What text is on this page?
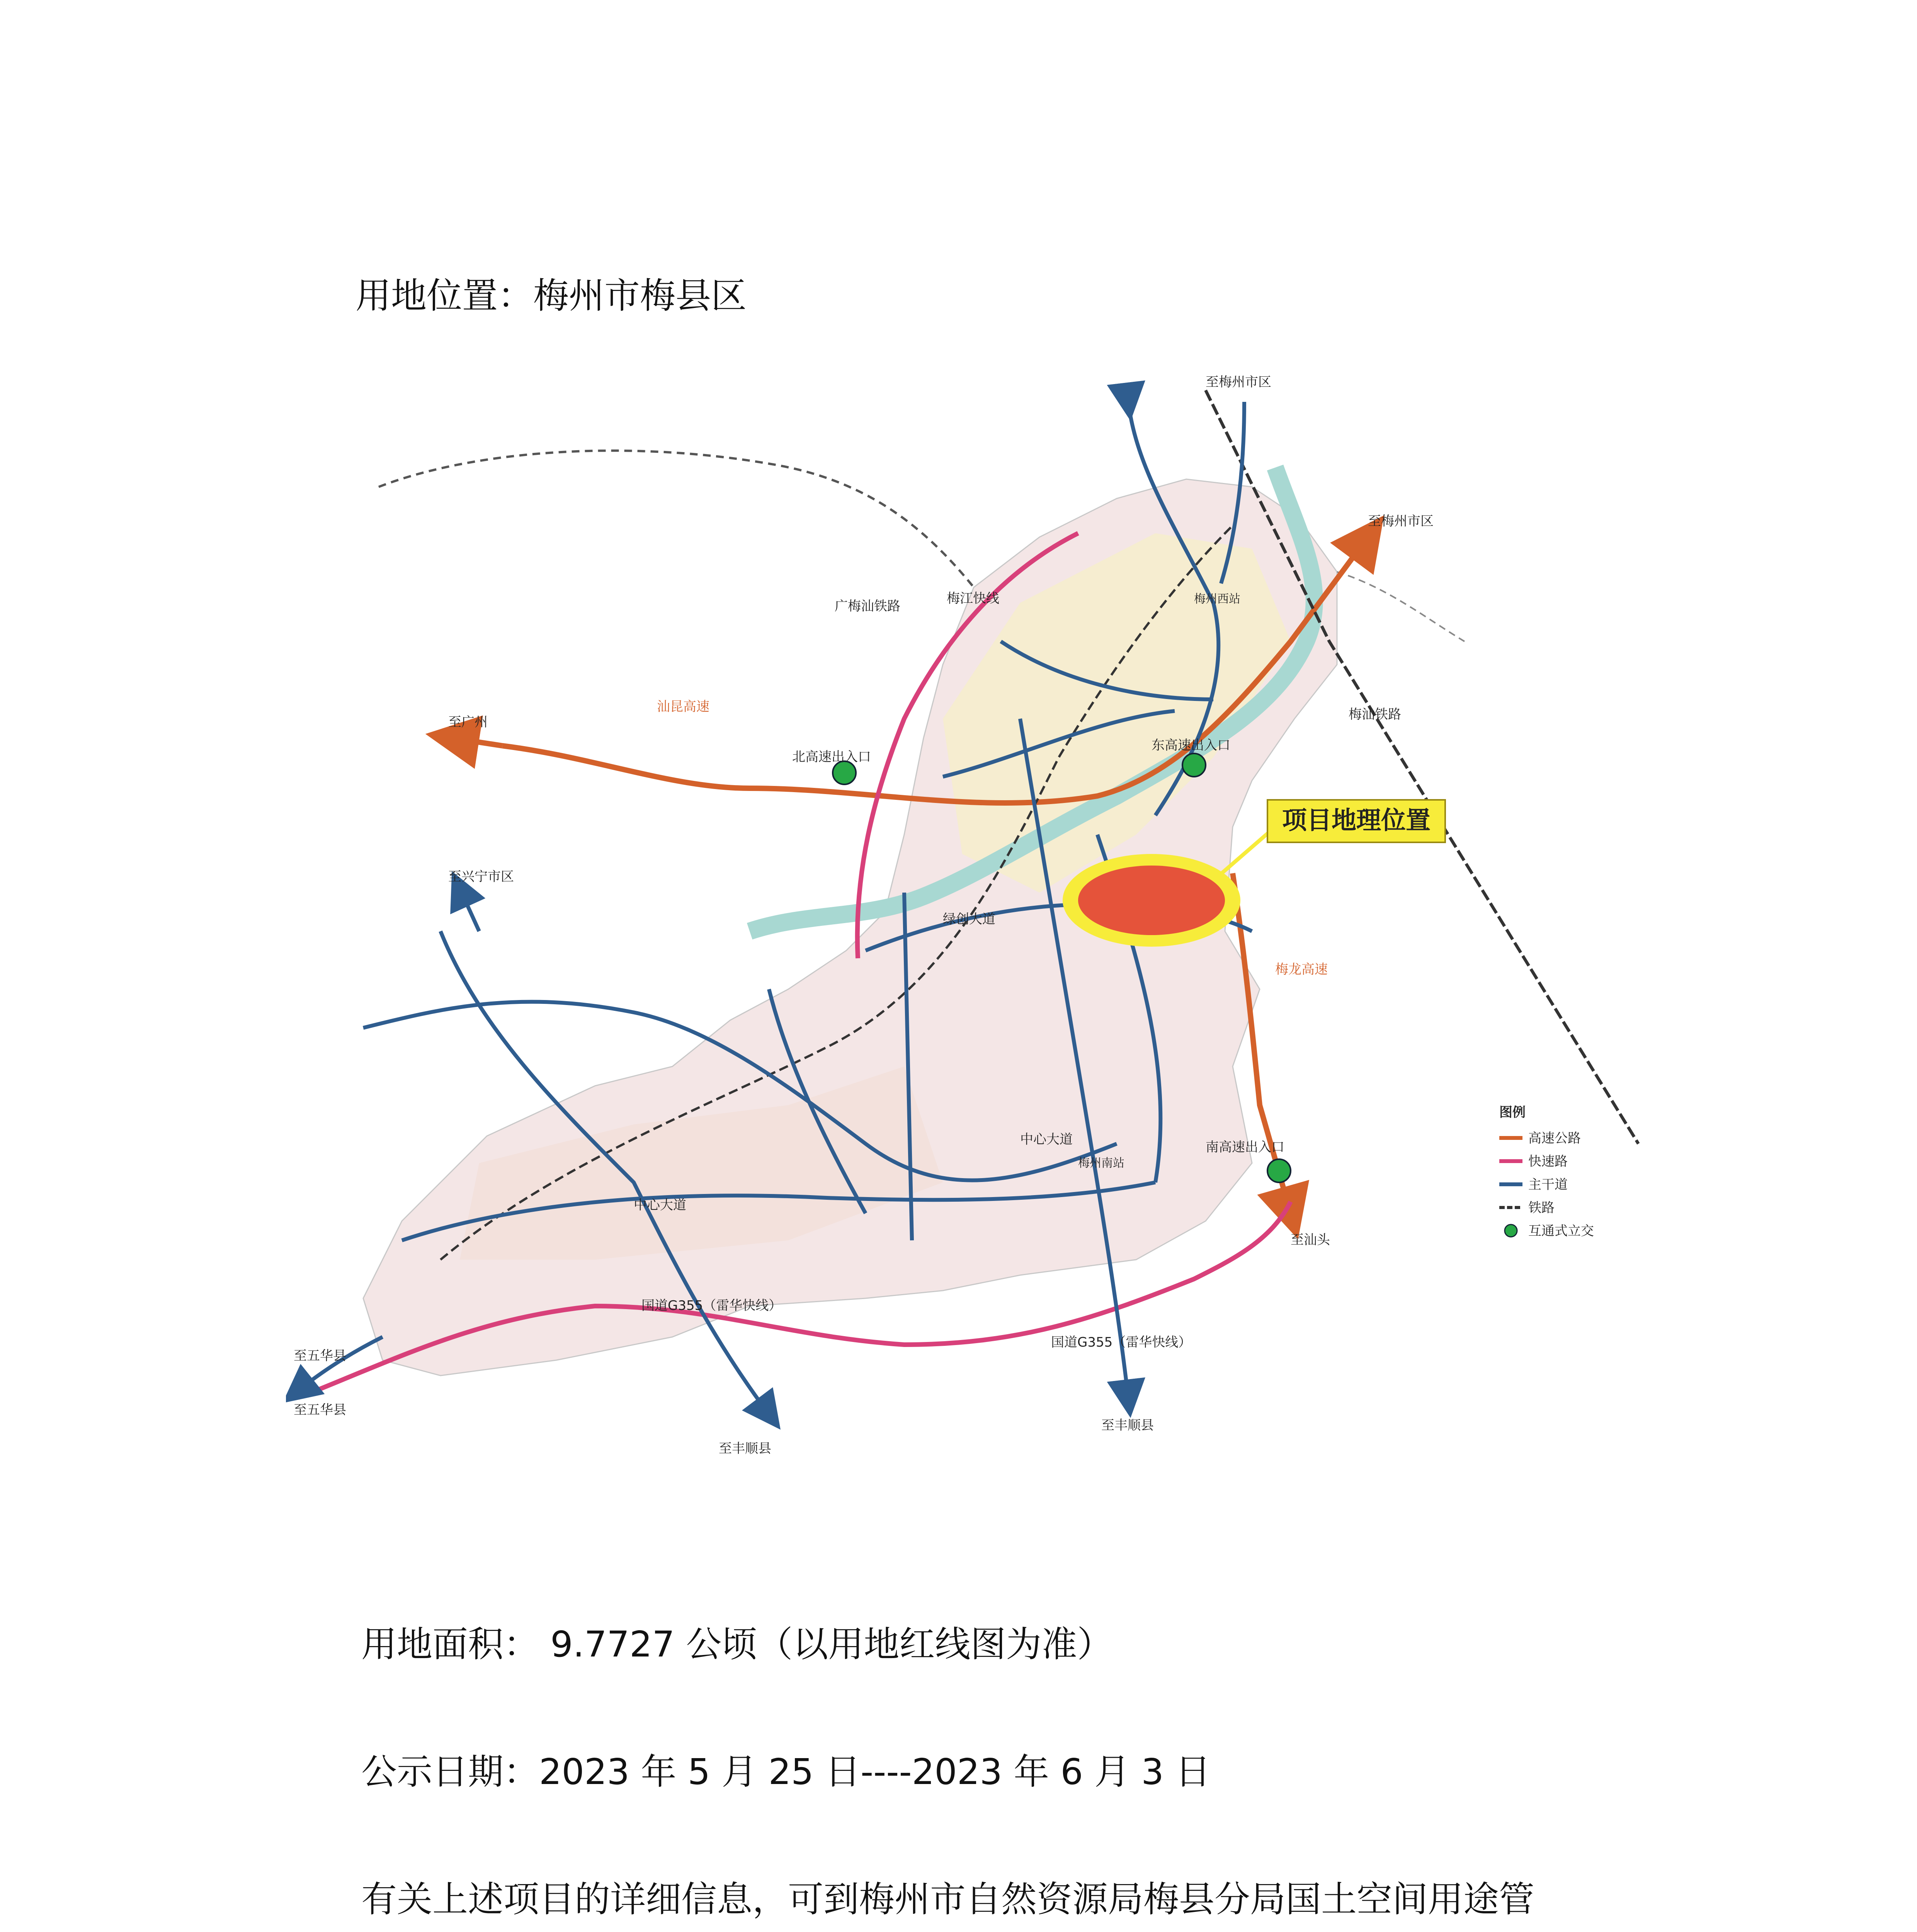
用地位置：梅州市梅县区
项目地理位置
至梅州市区
至梅州市区
至广州
至兴宁市区
至五华县
至五华县
至丰顺县
至丰顺县
至汕头
北高速出入口
东高速出入口
南高速出入口
广梅汕铁路
汕昆高速
梅江快线
绿创大道
中心大道
中心大道
国道G355（雷华快线）
国道G355（雷华快线）
梅龙高速
梅汕铁路
梅州西站
梅州南站
图例
高速公路
快速路
主干道
铁路
互通式立交
用地面积： 9.7727 公顷（以用地红线图为准）
公示日期：2023 年 5 月 25 日----2023 年 6 月 3 日
有关上述项目的详细信息，可到梅州市自然资源局梅县分局国土空间用途管
